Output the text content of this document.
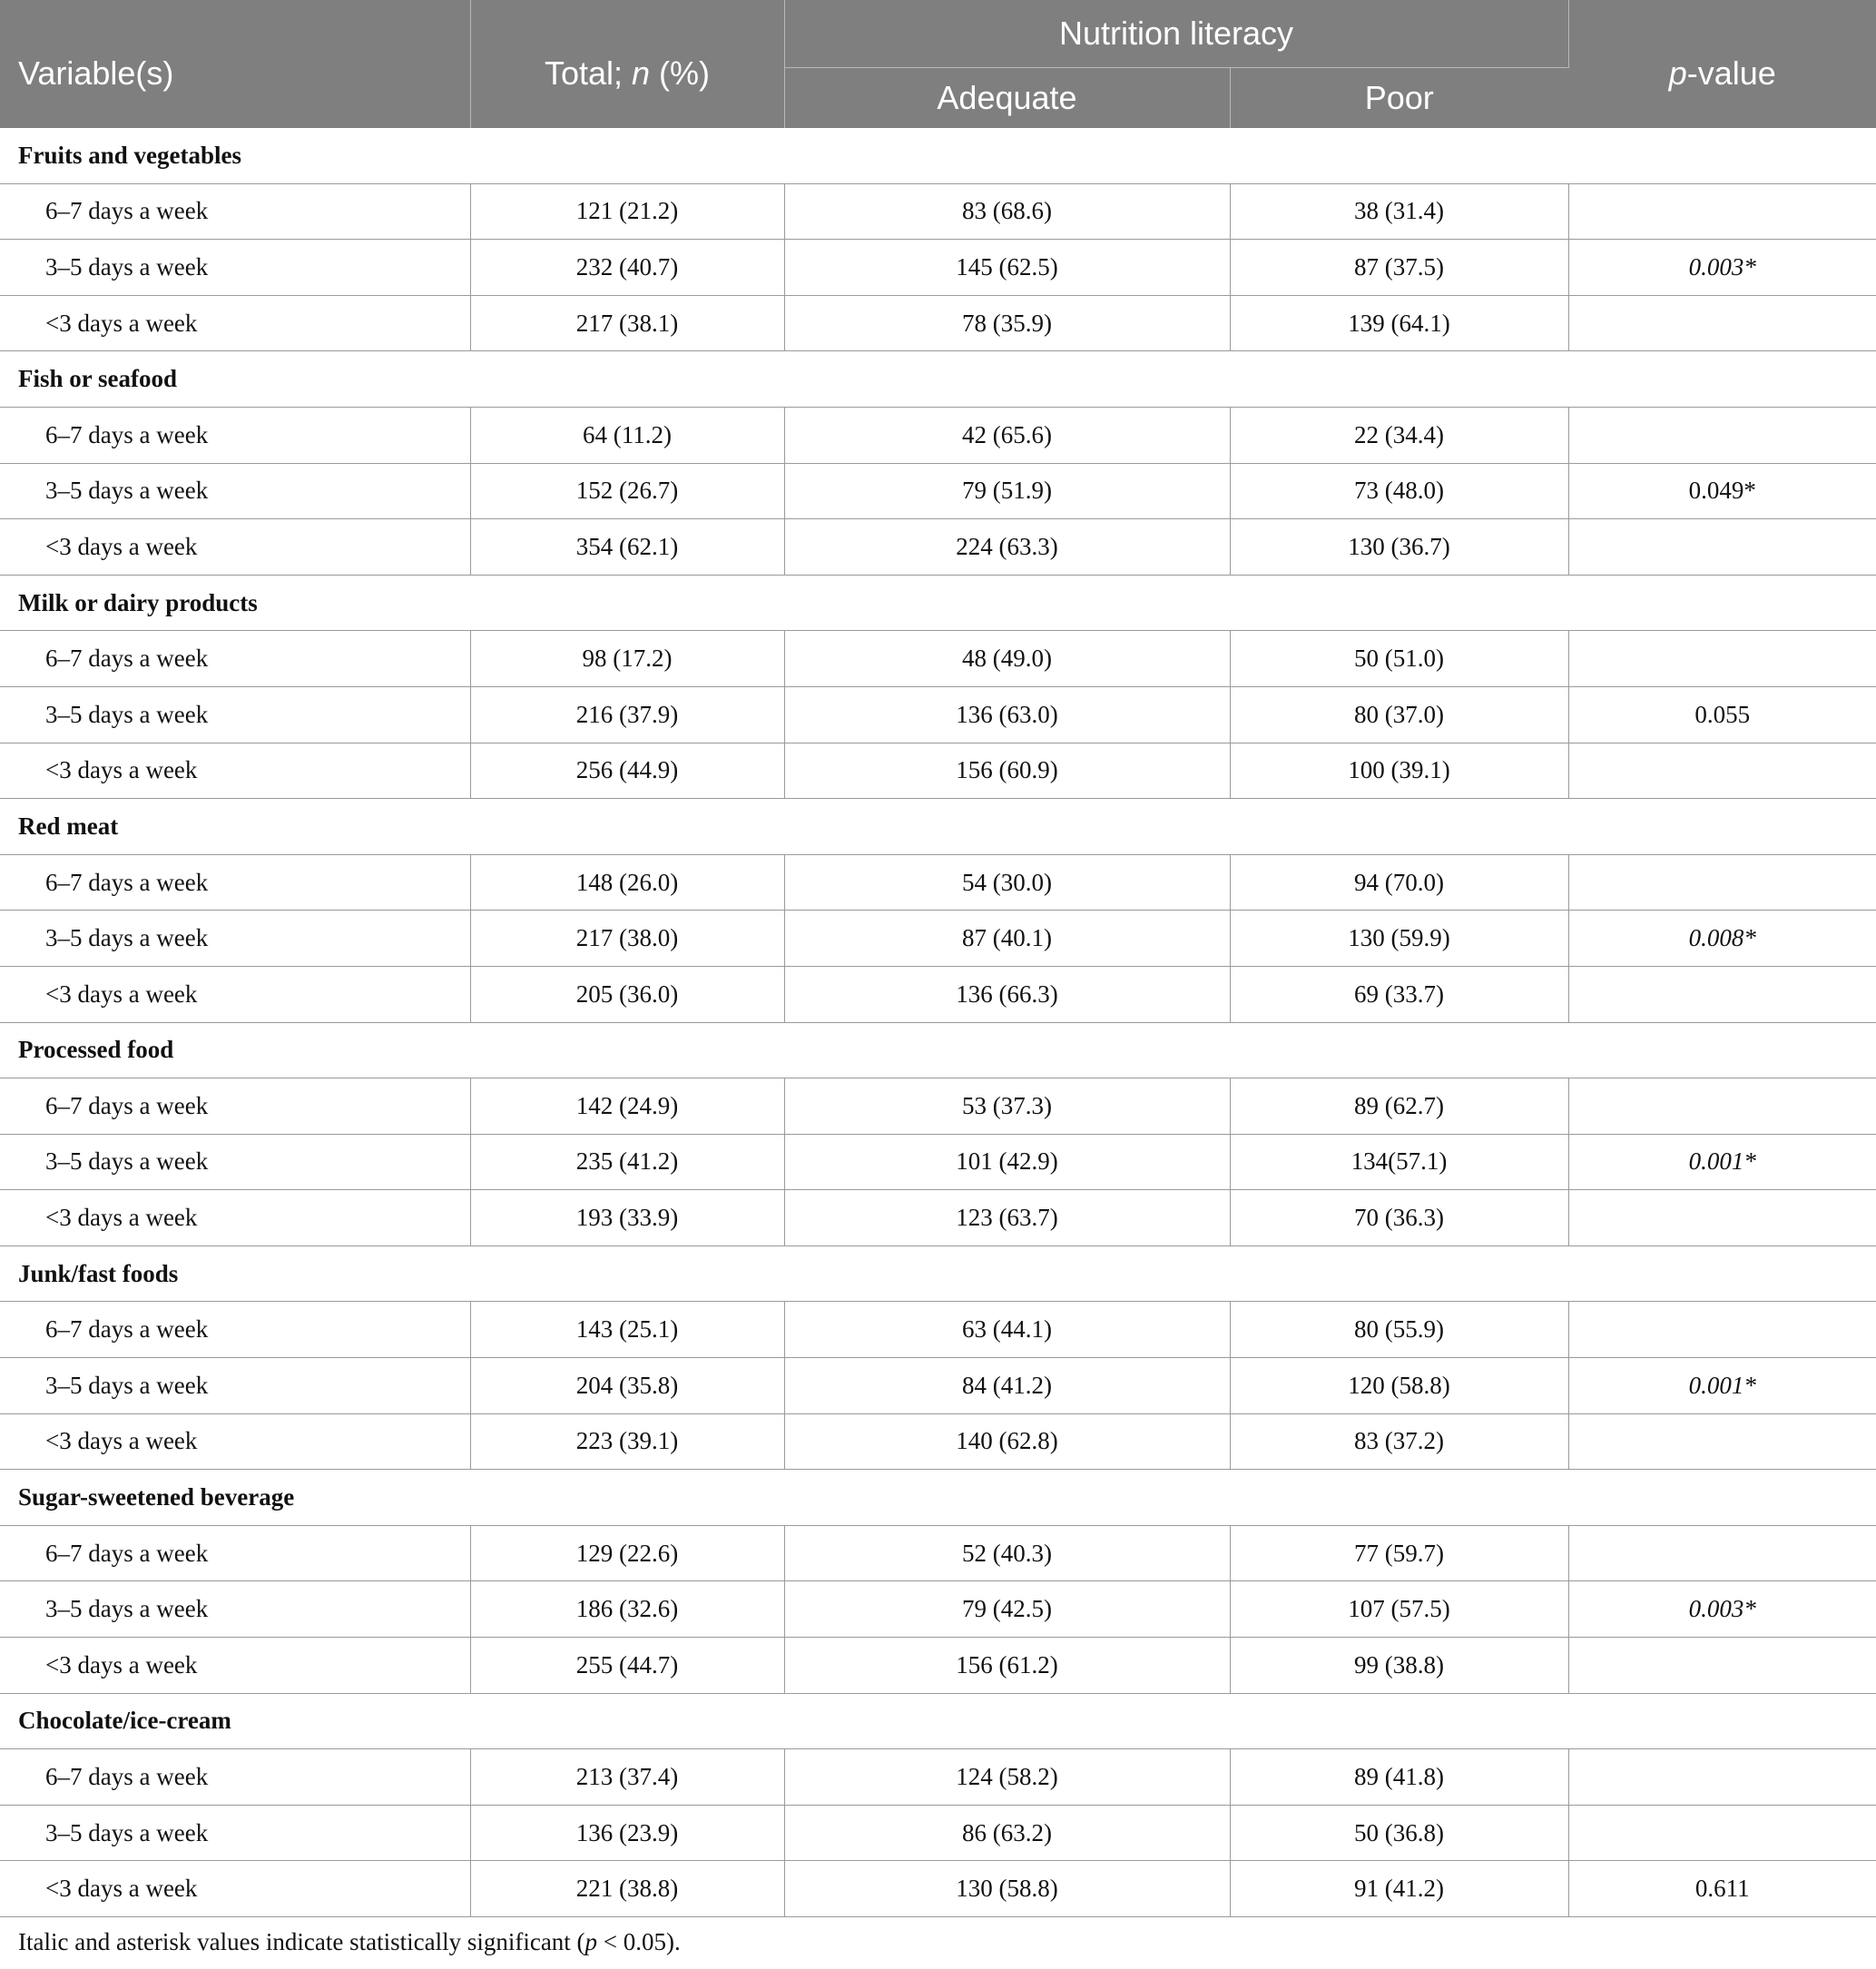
Variable(s)	Total; n (%)	Nutrition literacy		p-value
		Adequate	Poor	
Fruits and vegetables				
6–7 days a week	121 (21.2)	83 (68.6)	38 (31.4)	
3–5 days a week	232 (40.7)	145 (62.5)	87 (37.5)	0.003*
<3 days a week	217 (38.1)	78 (35.9)	139 (64.1)	
Fish or seafood				
6–7 days a week	64 (11.2)	42 (65.6)	22 (34.4)	
3–5 days a week	152 (26.7)	79 (51.9)	73 (48.0)	0.049*
<3 days a week	354 (62.1)	224 (63.3)	130 (36.7)	
Milk or dairy products				
6–7 days a week	98 (17.2)	48 (49.0)	50 (51.0)	
3–5 days a week	216 (37.9)	136 (63.0)	80 (37.0)	0.055
<3 days a week	256 (44.9)	156 (60.9)	100 (39.1)	
Red meat				
6–7 days a week	148 (26.0)	54 (30.0)	94 (70.0)	
3–5 days a week	217 (38.0)	87 (40.1)	130 (59.9)	0.008*
<3 days a week	205 (36.0)	136 (66.3)	69 (33.7)	
Processed food				
6–7 days a week	142 (24.9)	53 (37.3)	89 (62.7)	
3–5 days a week	235 (41.2)	101 (42.9)	134(57.1)	0.001*
<3 days a week	193 (33.9)	123 (63.7)	70 (36.3)	
Junk/fast foods				
6–7 days a week	143 (25.1)	63 (44.1)	80 (55.9)	
3–5 days a week	204 (35.8)	84 (41.2)	120 (58.8)	0.001*
<3 days a week	223 (39.1)	140 (62.8)	83 (37.2)	
Sugar-sweetened beverage				
6–7 days a week	129 (22.6)	52 (40.3)	77 (59.7)	
3–5 days a week	186 (32.6)	79 (42.5)	107 (57.5)	0.003*
<3 days a week	255 (44.7)	156 (61.2)	99 (38.8)	
Chocolate/ice-cream				
6–7 days a week	213 (37.4)	124 (58.2)	89 (41.8)	
3–5 days a week	136 (23.9)	86 (63.2)	50 (36.8)	
<3 days a week	221 (38.8)	130 (58.8)	91 (41.2)	0.611
Italic and asterisk values indicate statistically significant (p < 0.05).
